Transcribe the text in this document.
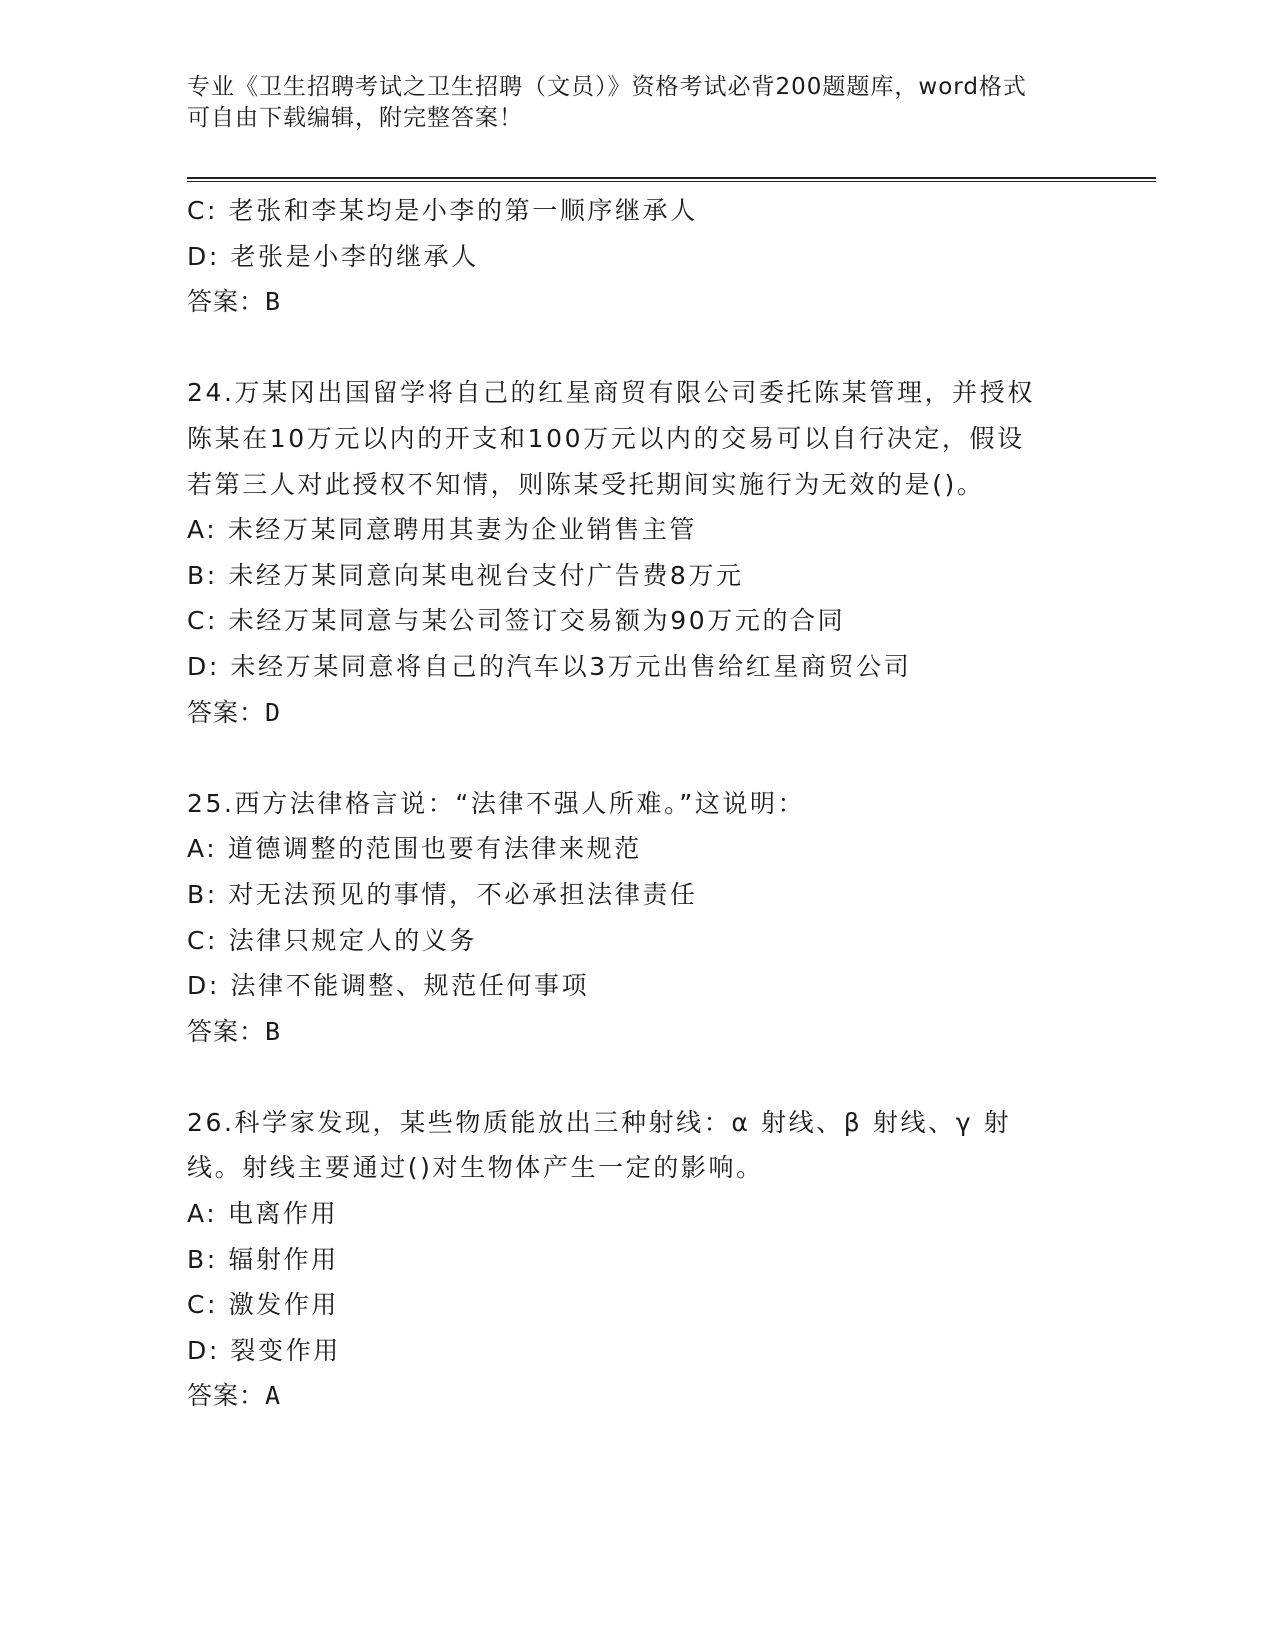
专业《卫生招聘考试之卫生招聘（文员）》资格考试必背200题题库，word格式
可自由下载编辑，附完整答案！
C: 老张和李某均是小李的第一顺序继承人
D: 老张是小李的继承人
答案：B
24.万某冈出国留学将自己的红星商贸有限公司委托陈某管理，并授权
陈某在10万元以内的开支和100万元以内的交易可以自行决定，假设
若第三人对此授权不知情，则陈某受托期间实施行为无效的是()。
A: 未经万某同意聘用其妻为企业销售主管
B: 未经万某同意向某电视台支付广告费8万元
C: 未经万某同意与某公司签订交易额为90万元的合同
D: 未经万某同意将自己的汽车以3万元出售给红星商贸公司
答案：D
25.西方法律格言说：“法律不强人所难。”这说明：
A: 道德调整的范围也要有法律来规范
B: 对无法预见的事情，不必承担法律责任
C: 法律只规定人的义务
D: 法律不能调整、规范任何事项
答案：B
26.科学家发现，某些物质能放出三种射线：α 射线、β 射线、γ 射
线。射线主要通过()对生物体产生一定的影响。
A: 电离作用
B: 辐射作用
C: 激发作用
D: 裂变作用
答案：A
